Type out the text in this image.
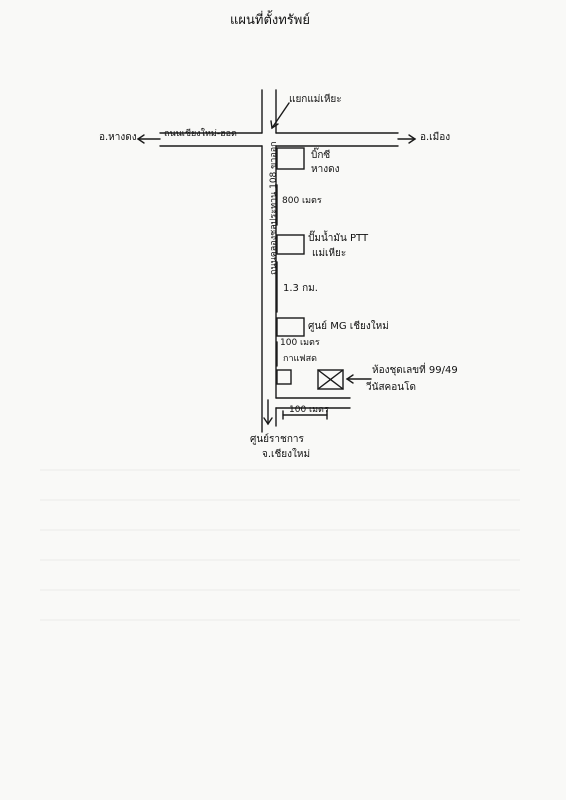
แผนที่ตั้งทรัพย์
แยกแม่เหียะ
ถนนเชียงใหม่-ฮอด
อ.หางดง	อ.เมือง
ถนนคลองชลประทาน 108 ขาออก	บิ๊กซี
หางดง
800 เมตร
ปั๊มน้ำมัน PTT
แม่เหียะ
1.3 กม.
ศูนย์ MG เชียงใหม่
100 เมตร
กาแฟสด
ห้องชุดเลขที่ 99/49
วีนัสคอนโด
100 เมตร
ศูนย์ราชการ
จ.เชียงใหม่
